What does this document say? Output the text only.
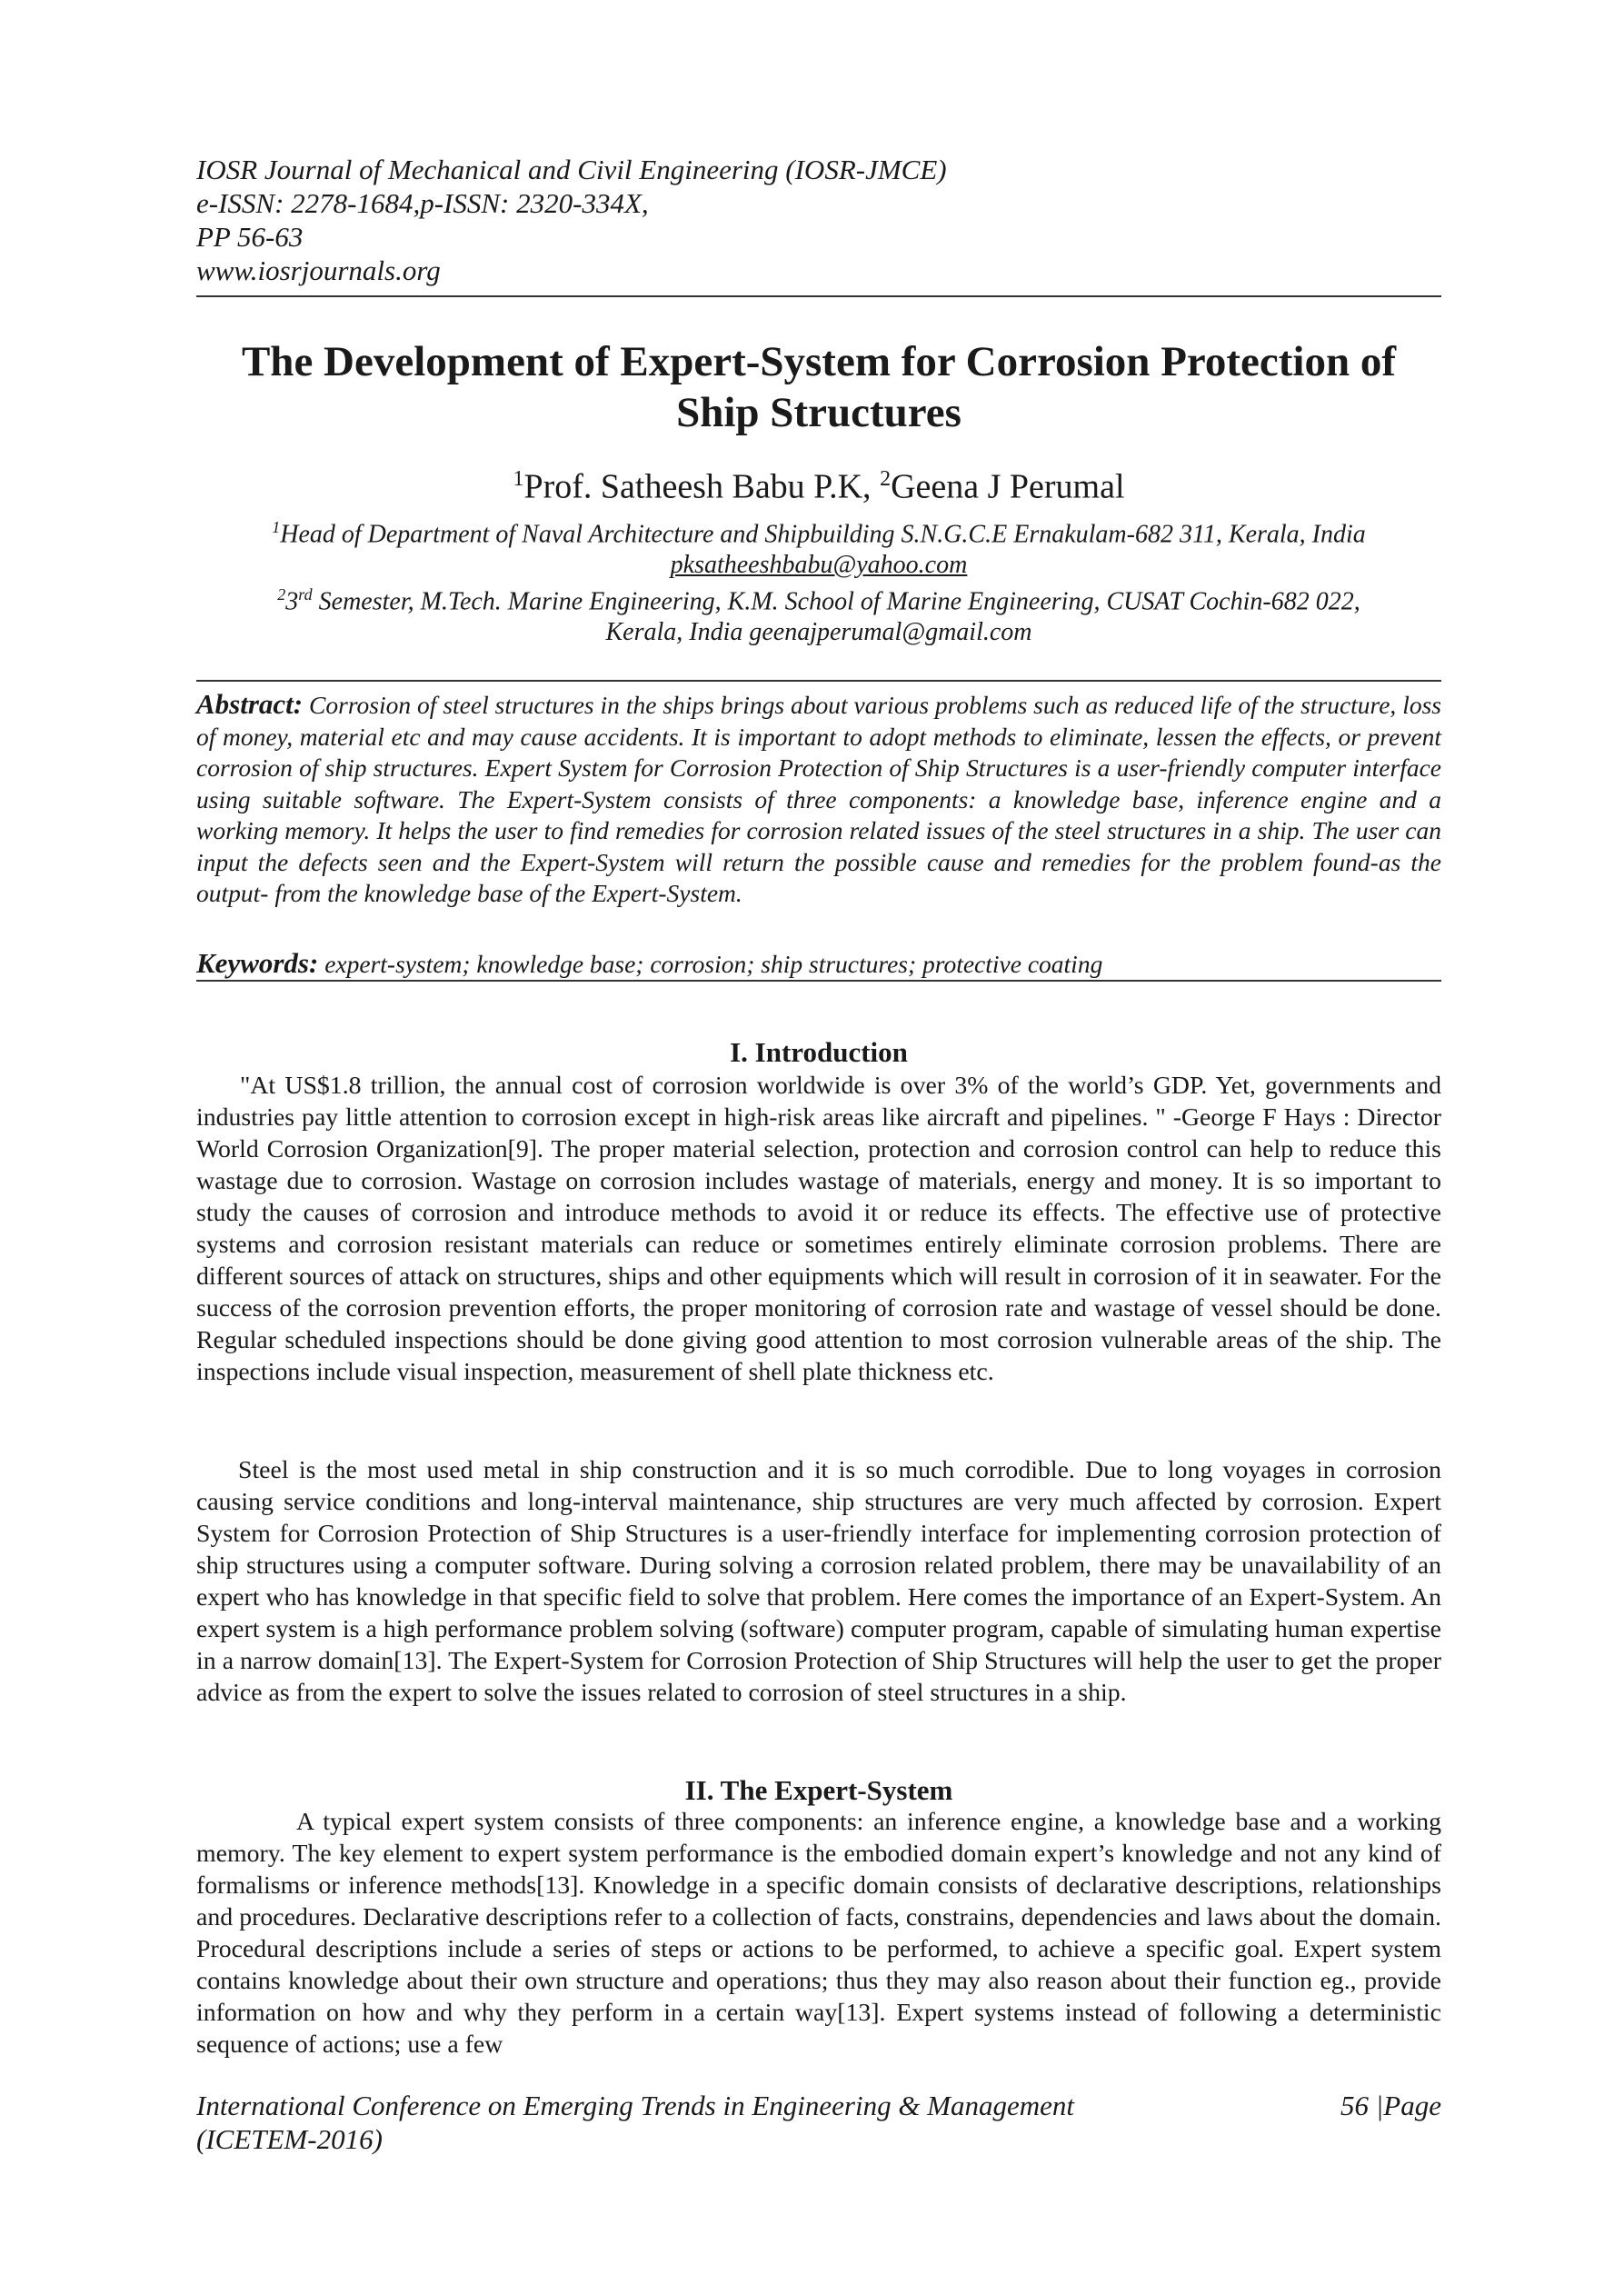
IOSR Journal of Mechanical and Civil Engineering (IOSR-JMCE)
e-ISSN: 2278-1684,p-ISSN: 2320-334X,
PP 56-63
www.iosrjournals.org
The Development of Expert-System for Corrosion Protection of Ship Structures
$^1$Prof. Satheesh Babu P.K, $^2$Geena J Perumal
$^1$Head of Department of Naval Architecture and Shipbuilding S.N.G.C.E Ernakulam-682 311, Kerala, India
pksatheeshbabu@yahoo.com
$^2$3rd Semester, M.Tech. Marine Engineering, K.M. School of Marine Engineering, CUSAT Cochin-682 022,
Kerala, India geenajperumal@gmail.com
Abstract: Corrosion of steel structures in the ships brings about various problems such as reduced life of the structure, loss of money, material etc and may cause accidents. It is important to adopt methods to eliminate, lessen the effects, or prevent corrosion of ship structures. Expert System for Corrosion Protection of Ship Structures is a user-friendly computer interface using suitable software. The Expert-System consists of three components: a knowledge base, inference engine and a working memory. It helps the user to find remedies for corrosion related issues of the steel structures in a ship. The user can input the defects seen and the Expert-System will return the possible cause and remedies for the problem found-as the output- from the knowledge base of the Expert-System.
Keywords: expert-system; knowledge base; corrosion; ship structures; protective coating
I. Introduction

"At US$1.8 trillion, the annual cost of corrosion worldwide is over 3% of the world’s GDP. Yet, governments and industries pay little attention to corrosion except in high-risk areas like aircraft and pipelines. " -George F Hays : Director World Corrosion Organization[9]. The proper material selection, protection and corrosion control can help to reduce this wastage due to corrosion. Wastage on corrosion includes wastage of materials, energy and money. It is so important to study the causes of corrosion and introduce methods to avoid it or reduce its effects. The effective use of protective systems and corrosion resistant materials can reduce or sometimes entirely eliminate corrosion problems. There are different sources of attack on structures, ships and other equipments which will result in corrosion of it in seawater. For the success of the corrosion prevention efforts, the proper monitoring of corrosion rate and wastage of vessel should be done. Regular scheduled inspections should be done giving good attention to most corrosion vulnerable areas of the ship. The inspections include visual inspection, measurement of shell plate thickness etc.

Steel is the most used metal in ship construction and it is so much corrodible. Due to long voyages in corrosion causing service conditions and long-interval maintenance, ship structures are very much affected by corrosion. Expert System for Corrosion Protection of Ship Structures is a user-friendly interface for implementing corrosion protection of ship structures using a computer software. During solving a corrosion related problem, there may be unavailability of an expert who has knowledge in that specific field to solve that problem. Here comes the importance of an Expert-System. An expert system is a high performance problem solving (software) computer program, capable of simulating human expertise in a narrow domain[13]. The Expert-System for Corrosion Protection of Ship Structures will help the user to get the proper advice as from the expert to solve the issues related to corrosion of steel structures in a ship.

II. The Expert-System

A typical expert system consists of three components: an inference engine, a knowledge base and a working memory. The key element to expert system performance is the embodied domain expert’s knowledge and not any kind of formalisms or inference methods[13]. Knowledge in a specific domain consists of declarative descriptions, relationships and procedures. Declarative descriptions refer to a collection of facts, constrains, dependencies and laws about the domain. Procedural descriptions include a series of steps or actions to be performed, to achieve a specific goal. Expert system contains knowledge about their own structure and operations; thus they may also reason about their function eg., provide information on how and why they perform in a certain way[13]. Expert systems instead of following a deterministic sequence of actions; use a few

International Conference on Emerging Trends in Engineering & Management
(ICETEM-2016)
56 |Page
